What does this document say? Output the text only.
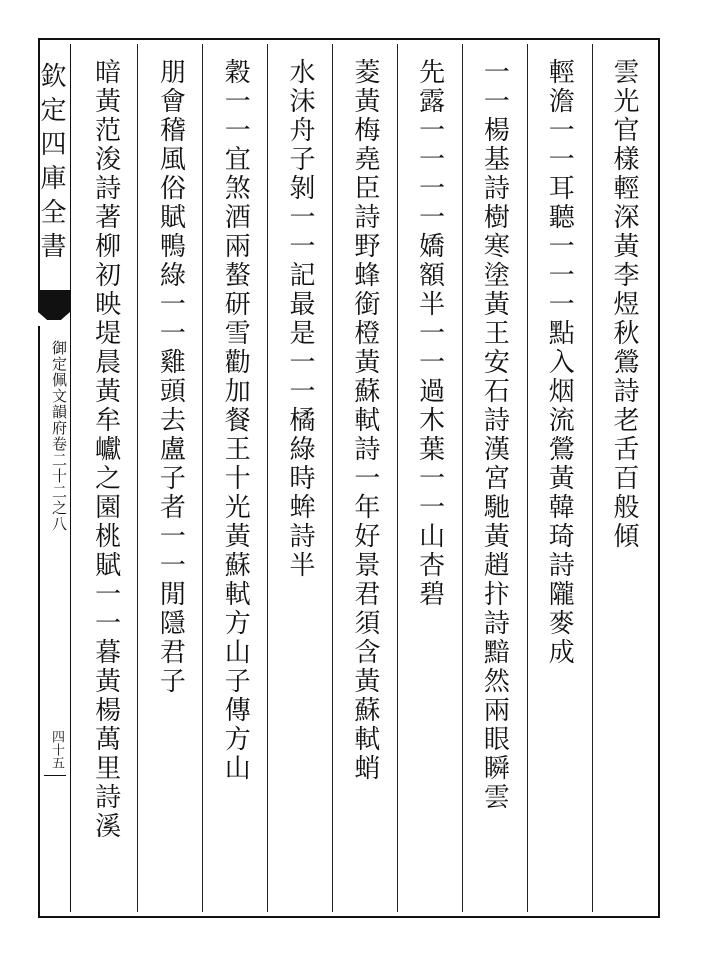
欽定四庫全書
御定佩文韻府卷二十二之八
四十五
雲光官樣輕深黃李煜秋鶯詩老舌百般傾
輕澹一一耳聽一一一點入烟流鶯黃韓琦詩隴麥成
一一楊基詩樹寒塗黃王安石詩漢宮馳黃趙抃詩黯然兩眼瞬雲
先露一一一一嬌額半一一過木葉一一山杏碧
菱黃梅堯臣詩野蜂銜橙黃蘇軾詩一年好景君須含黃蘇軾蛸
水沫舟子剝一一記最是一一橘綠時蛑詩半
穀一一宜煞酒兩螯研雪勸加餐王十光黃蘇軾方山子傳方山
朋會稽風俗賦鴨綠一一雞頭去盧子者一一閒隱君子
暗黃范浚詩著柳初映堤晨黃牟巘之園桃賦一一暮黃楊萬里詩溪
